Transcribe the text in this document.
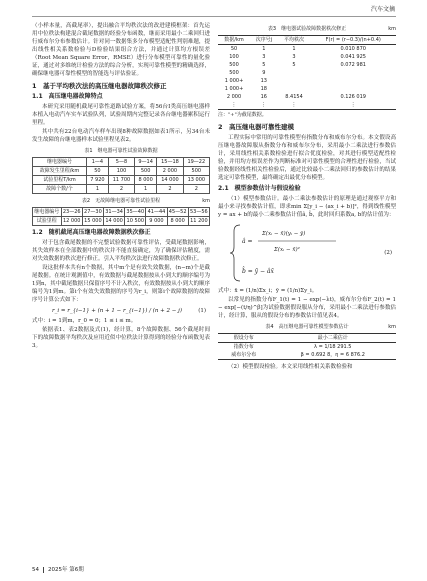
汽车文摘

（小样本量，高截尾率），提出融合平均秩次法的改进建模框架：首先运用中位秩法构建混合截尾数据的经验分布函数，继而采用最小二乘回归进行威布尔分布参数估计。针对同一数据集多分布模型适配性判别难题，提出线性相关系数检验与D检验结果组合方法，并通过计算均方根误差（Root Mean Square Error，RMSE）进行分布模型可靠性的量化验证，通过对多维统计检验方法的综合分析，实现可靠性模型的精确选择，确保继电器可靠性模型的智能选与评估验证。

1　基于平均秩次法的高压继电器故障秩次修正
1.1　高压继电器故障特点

本研究采用随机截尾可靠性道路试验方案，将56台Ⅰ类高压继电器样本植入电动汽车实车试验队列，试验周期内完整记录各台继电器累积运行里程。

其中共有22台电动汽车样车出现8种故障数据如表1所示，另34台未发生故障的台继电器样本试验里程见表2。

表1　继电器可靠性试验故障数据
继电器编号	1—4	5—8	9—14	15—18	19—22
故障发生里程/km	50	100	500	2 000	500
试验里程T/km	7 920	11 700	8 000	14 000	13 000
故障个数/个	1	2	1	2	2
表2　无故障继电器可靠性试验里程	km
继电器编号	23—26	27—30	31—34	35—40	41—44	45—52	53—56
试验里程	12 000	15 000	14 000	10 500	9 000	8 000	11 200
1.2　随机截尾高压继电器故障数据秩次修正

对于包含截尾数据的不完整试验数据可靠性评估，受截尾数据影响，其失效样本在全部数据中的秩次并不能直接确定，为了确保评估精度，需对失效数据的秩次进行修正。引入平均秩次法进行故障数据秩次修正。

设这批样本共有n个数据，其中m个是有效失效数据，(n−m)个是截尾数据。在统计观测值中，有效数据与截尾数据按从小到大的顺序编号为1到n，其中截尾数据只保留序号不计入秩次，有效数据按从小到大的顺序编号为1到m。第i个有效失效数据的序号为r_i，则第i个故障数据的故障序号计算公式如下：

r_i = r_{i−1} + (n + 1 − r_{i−1}) / (n + 2 − j)	(1)

式中：i = 1到m，r_0 = 0；1 ≤ i ≤ m。

依据表1、表2数据及式(1)，经计算，8个故障数据、56个截尾时间下的故障数据平均秩次及应用近似中位秩法计算得到的经验分布函数见表3。

表3　继电器试验故障数据秩次修正	km
数据/km	次序号j	平均秩次	F(r) = (r−0.3)/(n+0.4)
50	1	1	0.010 870
100	3	3	0.041 925
500	5	5	0.072 981
500	9		
1 000+	13		
1 000+	18		
2 000	16	8.4154	0.126 019
⋮	⋮	⋮	⋮
注："+"为截尾数据。
2　高压继电器可靠性建模

工程实际中常用的可靠性模型有指数分布和威布尔分布。本文假设高压继电器故障服从指数分布和威布尔分布，采用最小二乘法进行参数估计，采用线性相关系数检验进行拟合优度检验，对其进行模型适配性检验，并用均方根误差作为判断标准对可靠性模型的合理性进行检验，当试验数据经线性相关性检验后，通过比较最小二乘法回归的参数估计的结果选定可靠性模型，最终确定出最优分布模型。

2.1　模型参数估计与假设检验

（1）模型参数估计。最小二乘法参数估计的原理是通过观察平方和最小来寻找参数估计值，即求min Σ[y_i − (ax_i + b)]²，得到线性模型y = ax + b的最小二乘参数估计值â, b̂，此时回归系数a, b的估计值为：

â =
Σ(xᵢ − x̄)(yᵢ − ȳ)
Σ(xᵢ − x̄)²
b̂ = ȳ − âx̄
(2)

式中：x̄ = (1/n)Σx_i；ȳ = (1/n)Σy_i。

以常见的指数分布F_1(t) = 1 − exp(−λt)，威布尔分布F_2(t) = 1 − exp[−(t/η)^β]为试验数据假设服从分布，采用最小二乘法进行参数估计，经计算，服从的假设分布的参数估计值见表4。

表4　高压继电器可靠性模型参数估计	km
假设分布	最小二乘估计
指数分布	λ = 1/18 291.5
威布尔分布	β = 0.692 8，η = 6 876.2

（2）模型假设检验。本文采用线性相关系数检验和

54 2025年 第6期
